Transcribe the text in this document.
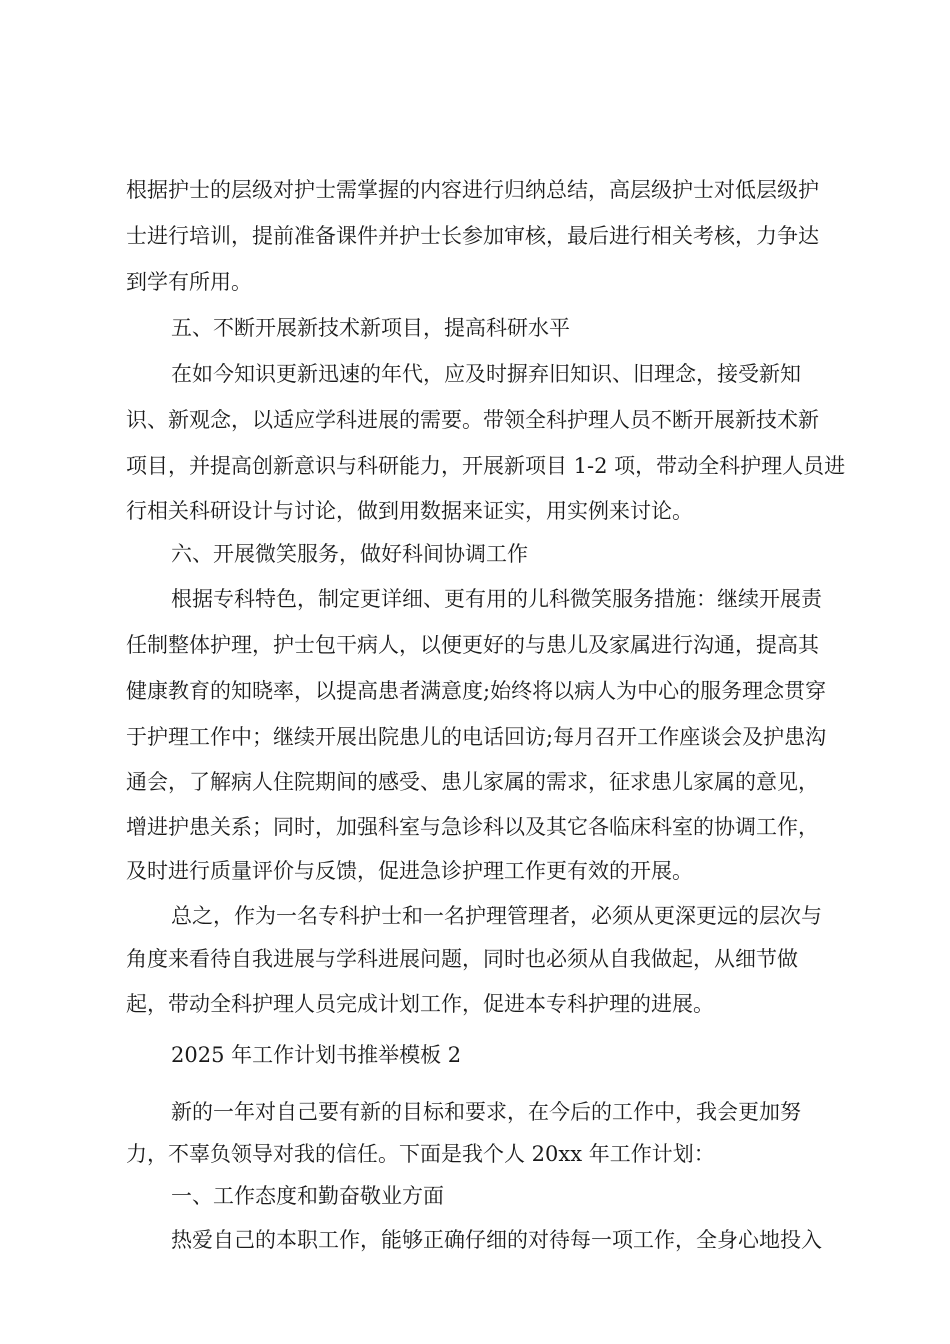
根据护士的层级对护士需掌握的内容进行归纳总结，高层级护士对低层级护
士进行培训，提前准备课件并护士长参加审核，最后进行相关考核，力争达
到学有所用。
五、不断开展新技术新项目，提高科研水平
在如今知识更新迅速的年代，应及时摒弃旧知识、旧理念，接受新知
识、新观念，以适应学科进展的需要。带领全科护理人员不断开展新技术新
项目，并提高创新意识与科研能力，开展新项目 1-2 项，带动全科护理人员进
行相关科研设计与讨论，做到用数据来证实，用实例来讨论。
六、开展微笑服务，做好科间协调工作
根据专科特色，制定更详细、更有用的儿科微笑服务措施：继续开展责
任制整体护理，护士包干病人，以便更好的与患儿及家属进行沟通，提高其
健康教育的知晓率，以提高患者满意度;始终将以病人为中心的服务理念贯穿
于护理工作中；继续开展出院患儿的电话回访;每月召开工作座谈会及护患沟
通会，了解病人住院期间的感受、患儿家属的需求，征求患儿家属的意见，
增进护患关系；同时，加强科室与急诊科以及其它各临床科室的协调工作，
及时进行质量评价与反馈，促进急诊护理工作更有效的开展。
总之，作为一名专科护士和一名护理管理者，必须从更深更远的层次与
角度来看待自我进展与学科进展问题，同时也必须从自我做起，从细节做
起，带动全科护理人员完成计划工作，促进本专科护理的进展。
2025 年工作计划书推举模板 2
新的一年对自己要有新的目标和要求，在今后的工作中，我会更加努
力，不辜负领导对我的信任。下面是我个人 20xx 年工作计划：
一、工作态度和勤奋敬业方面
热爱自己的本职工作，能够正确仔细的对待每一项工作，全身心地投入
